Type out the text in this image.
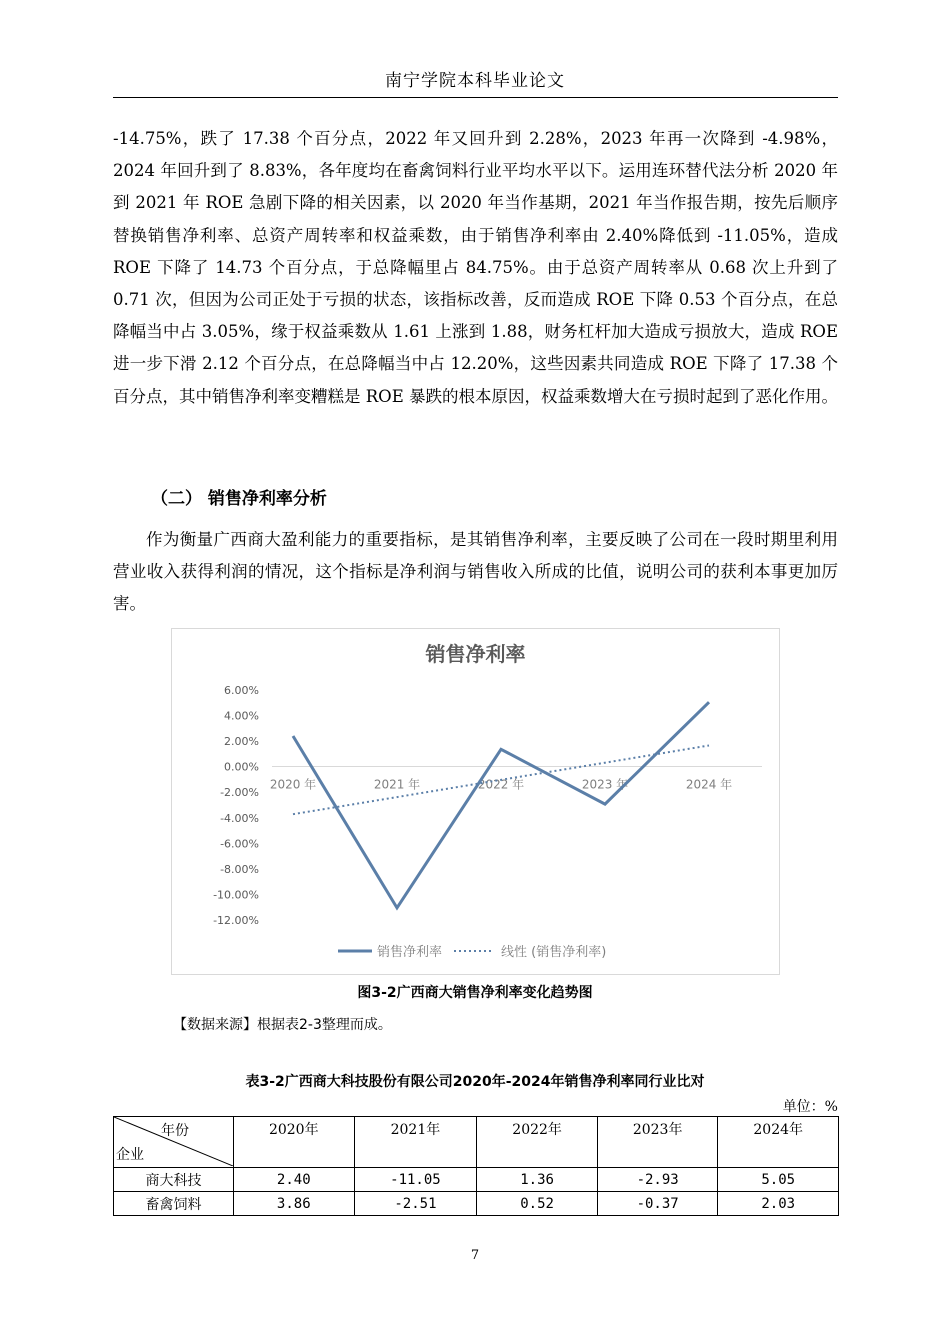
南宁学院本科毕业论文
-14.75%，跌了 17.38 个百分点，2022 年又回升到 2.28%，2023 年再一次降到 -4.98%，2024 年回升到了 8.83%，各年度均在畜禽饲料行业平均水平以下。运用连环替代法分析 2020 年到 2021 年 ROE 急剧下降的相关因素，以 2020 年当作基期，2021 年当作报告期，按先后顺序替换销售净利率、总资产周转率和权益乘数，由于销售净利率由 2.40%降低到 -11.05%，造成 ROE 下降了 14.73 个百分点，于总降幅里占 84.75%。由于总资产周转率从 0.68 次上升到了 0.71 次，但因为公司正处于亏损的状态，该指标改善，反而造成 ROE 下降 0.53 个百分点，在总降幅当中占 3.05%，缘于权益乘数从 1.61 上涨到 1.88，财务杠杆加大造成亏损放大，造成 ROE 进一步下滑 2.12 个百分点，在总降幅当中占 12.20%，这些因素共同造成 ROE 下降了 17.38 个百分点，其中销售净利率变糟糕是 ROE 暴跌的根本原因，权益乘数增大在亏损时起到了恶化作用。
（二） 销售净利率分析
作为衡量广西商大盈利能力的重要指标，是其销售净利率，主要反映了公司在一段时期里利用营业收入获得利润的情况，这个指标是净利润与销售收入所成的比值，说明公司的获利本事更加厉害。
销售净利率
6.00%
4.00%
2.00%
0.00%
-2.00%
-4.00%
-6.00%
-8.00%
-10.00%
-12.00%
2020 年	2021 年	2022 年	2023 年	2024 年
销售净利率	线性 (销售净利率)
图3-2广西商大销售净利率变化趋势图
【数据来源】根据表2-3整理而成。
表3-2广西商大科技股份有限公司2020年-2024年销售净利率同行业比对
单位：%
年份
企业	2020年	2021年	2022年	2023年	2024年
商大科技	2.40	-11.05	1.36	-2.93	5.05
畜禽饲料	3.86	-2.51	0.52	-0.37	2.03
7
